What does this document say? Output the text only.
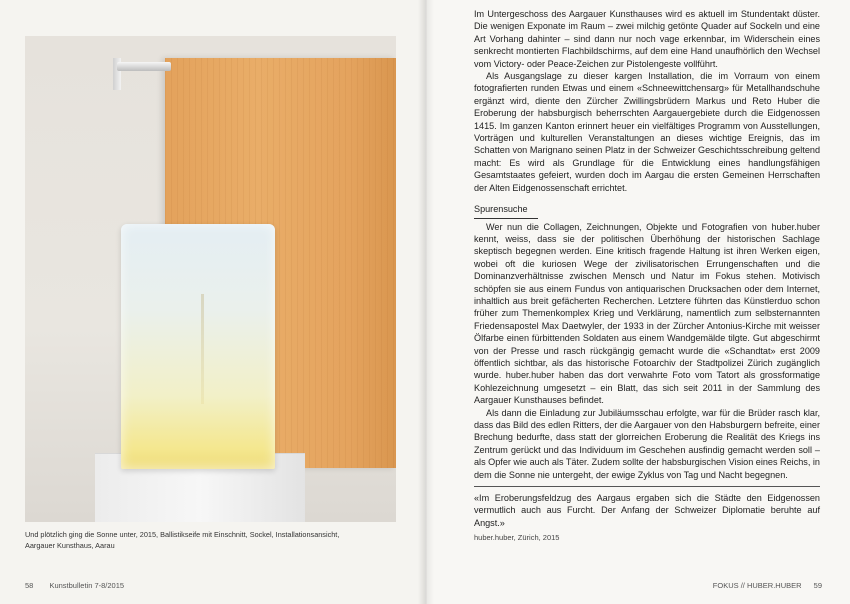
Und plötzlich ging die Sonne unter, 2015, Ballistikseife mit Einschnitt, Sockel, Installationsansicht,
Aargauer Kunsthaus, Aarau
58 Kunstbulletin 7-8/2015

Im Untergeschoss des Aargauer Kunsthauses wird es aktuell im Stundentakt düster. Die wenigen Exponate im Raum – zwei milchig getönte Quader auf Sockeln und eine Art Vorhang dahinter – sind dann nur noch vage erkennbar, im Widerschein eines senkrecht montierten Flachbildschirms, auf dem eine Hand unaufhörlich den Wechsel vom Victory- oder Peace-Zeichen zur Pistolengeste vollführt.

Als Ausgangslage zu dieser kargen Installation, die im Vorraum von einem fotografierten runden Etwas und einem «Schneewittchensarg» für Metallhandschuhe ergänzt wird, diente den Zürcher Zwillingsbrüdern Markus und Reto Huber die Eroberung der habsburgisch beherrschten Aargauergebiete durch die Eidgenossen 1415. Im ganzen Kanton erinnert heuer ein vielfältiges Programm von Ausstellungen, Vorträgen und kulturellen Veranstaltungen an dieses wichtige Ereignis, das im Schatten von Marignano seinen Platz in der Schweizer Geschichtsschreibung geltend macht: Es wird als Grundlage für die Entwicklung eines handlungsfähigen Gesamtstaates gefeiert, wurden doch im Aargau die ersten Gemeinen Herrschaften der Alten Eidgenossenschaft errichtet.

Spurensuche

Wer nun die Collagen, Zeichnungen, Objekte und Fotografien von huber.huber kennt, weiss, dass sie der politischen Überhöhung der historischen Sachlage skeptisch begegnen werden. Eine kritisch fragende Haltung ist ihren Werken eigen, wobei oft die kuriosen Wege der zivilisatorischen Errungenschaften und die Dominanzverhältnisse zwischen Mensch und Natur im Fokus stehen. Motivisch schöpfen sie aus einem Fundus von antiquarischen Drucksachen oder dem Internet, inhaltlich aus breit gefächerten Recherchen. Letztere führten das Künstlerduo schon früher zum Themenkomplex Krieg und Verklärung, namentlich zum selbsternannten Friedensapostel Max Daetwyler, der 1933 in der Zürcher Antonius-Kirche mit weisser Ölfarbe einen fürbittenden Soldaten aus einem Wandgemälde tilgte. Gut abgeschirmt von der Presse und rasch rückgängig gemacht wurde die «Schandtat» erst 2009 öffentlich sichtbar, als das historische Fotoarchiv der Stadtpolizei Zürich zugänglich wurde. huber.huber haben das dort verwahrte Foto vom Tatort als grossformatige Kohlezeichnung umgesetzt – ein Blatt, das sich seit 2011 in der Sammlung des Aargauer Kunsthauses befindet.

Als dann die Einladung zur Jubiläumsschau erfolgte, war für die Brüder rasch klar, dass das Bild des edlen Ritters, der die Aargauer von den Habsburgern befreite, einer Brechung bedurfte, dass statt der glorreichen Eroberung die Realität des Kriegs ins Zentrum gerückt und das Individuum im Geschehen ausfindig gemacht werden soll – als Opfer wie auch als Täter. Zudem sollte der habsburgischen Vision eines Reichs, in dem die Sonne nie untergeht, der ewige Zyklus von Tag und Nacht begegnen.

«Im Eroberungsfeldzug des Aargaus ergaben sich die Städte den Eidgenossen vermutlich auch aus Furcht. Der Anfang der Schweizer Diplomatie beruhte auf Angst.»
huber.huber, Zürich, 2015
FOKUS // HUBER.HUBER 59
